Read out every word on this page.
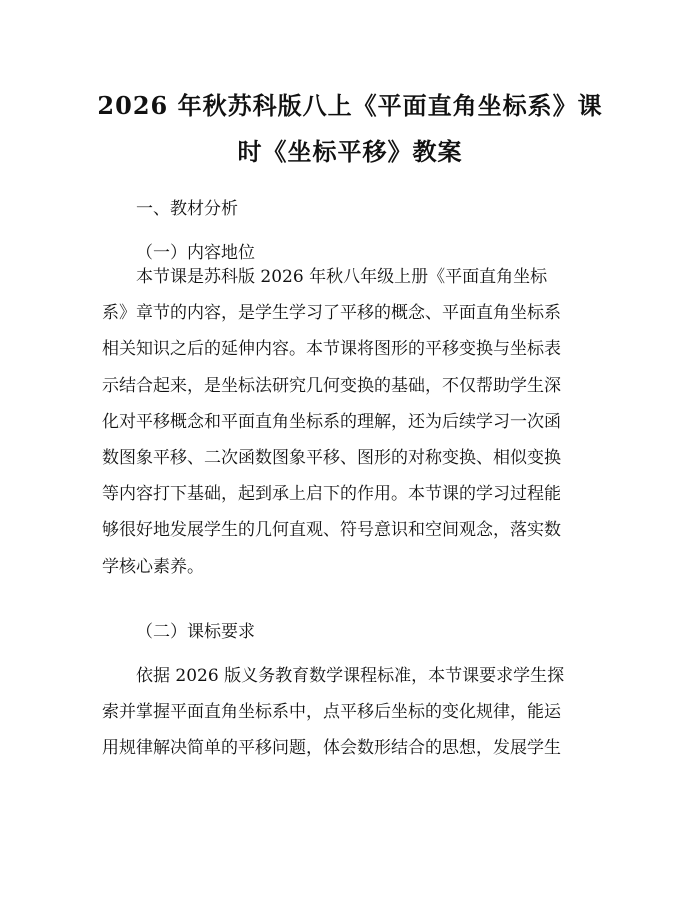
2026 年秋苏科版八上《平面直角坐标系》课
时《坐标平移》教案
一、教材分析
（一）内容地位
本节课是苏科版 2026 年秋八年级上册《平面直角坐标
系》章节的内容，是学生学习了平移的概念、平面直角坐标系
相关知识之后的延伸内容。本节课将图形的平移变换与坐标表
示结合起来，是坐标法研究几何变换的基础，不仅帮助学生深
化对平移概念和平面直角坐标系的理解，还为后续学习一次函
数图象平移、二次函数图象平移、图形的对称变换、相似变换
等内容打下基础，起到承上启下的作用。本节课的学习过程能
够很好地发展学生的几何直观、符号意识和空间观念，落实数
学核心素养。
（二）课标要求
依据 2026 版义务教育数学课程标准，本节课要求学生探
索并掌握平面直角坐标系中，点平移后坐标的变化规律，能运
用规律解决简单的平移问题，体会数形结合的思想，发展学生
